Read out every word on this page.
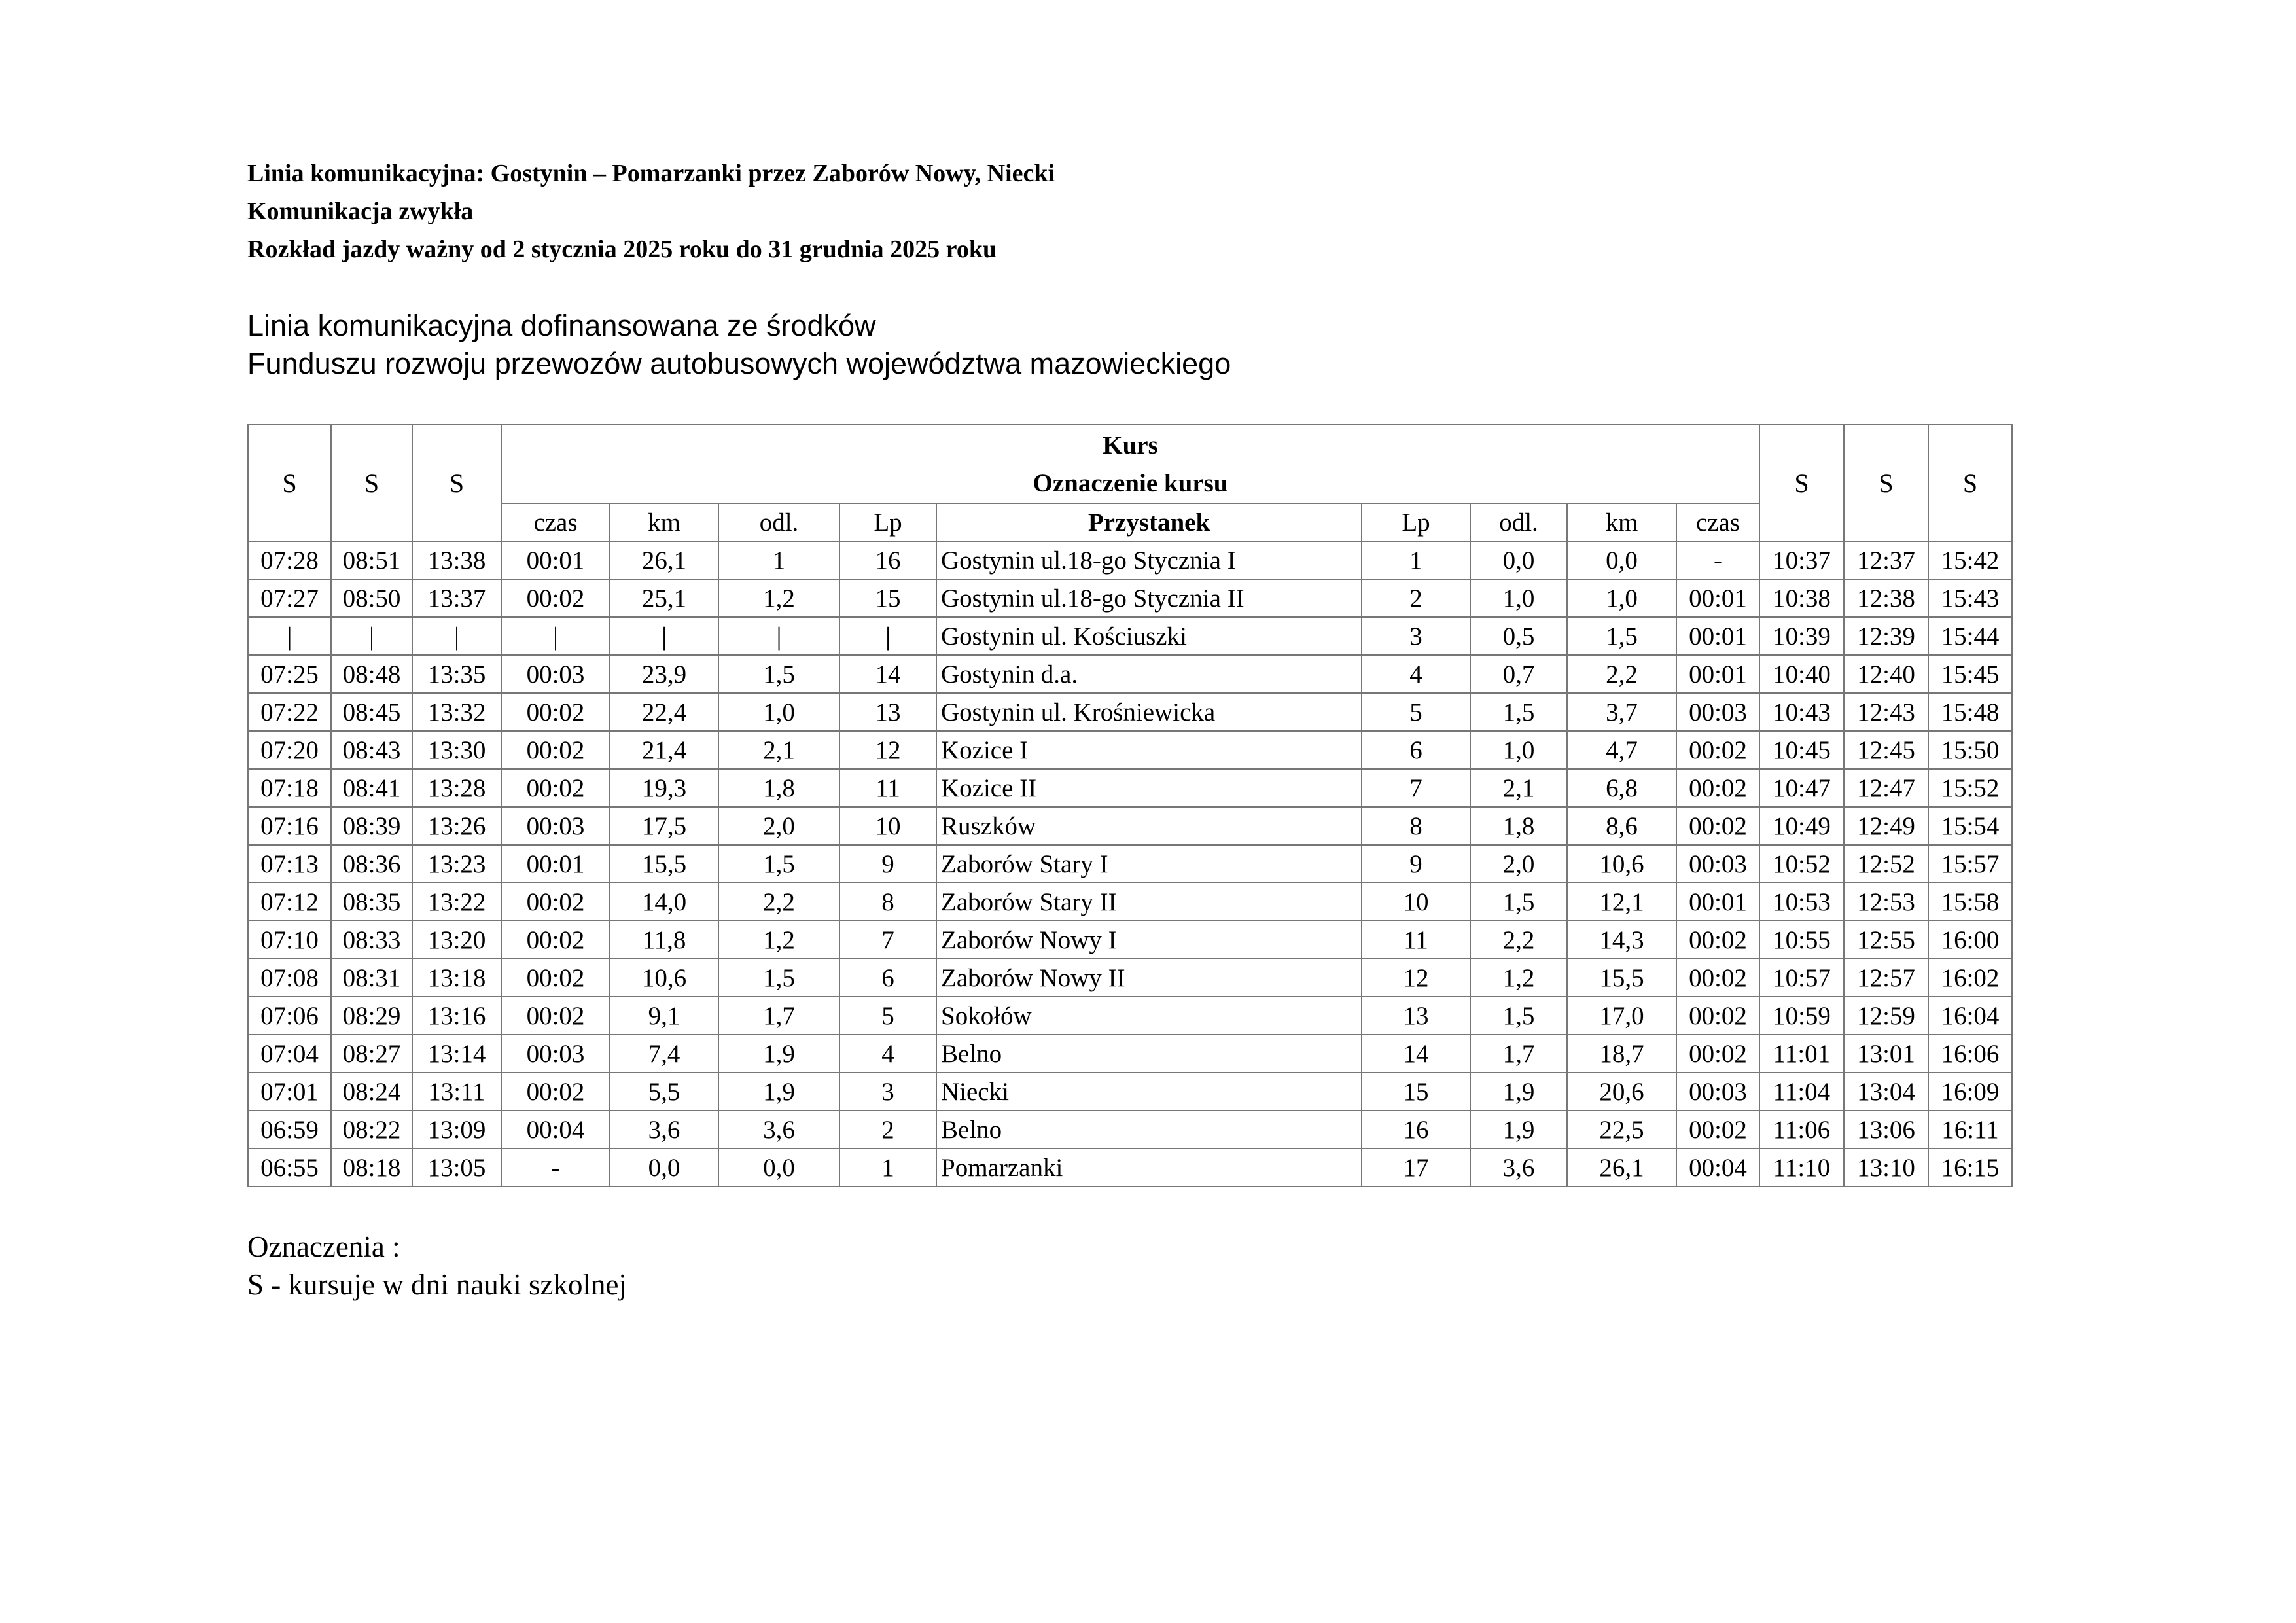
Linia komunikacyjna: Gostynin – Pomarzanki przez Zaborów Nowy, Niecki

Komunikacja zwykła

Rozkład jazdy ważny od 2 stycznia 2025 roku do 31 grudnia 2025 roku

Linia komunikacyjna dofinansowana ze środków

Funduszu rozwoju przewozów autobusowych województwa mazowieckiego

S	S	S	Kurs
Oznaczenie kursu									S	S	S
			czas	km	odl.	Lp	Przystanek	Lp	odl.	km	czas			
07:28	08:51	13:38	00:01	26,1	1	16	Gostynin ul.18-go Stycznia I	1	0,0	0,0	-	10:37	12:37	15:42
07:27	08:50	13:37	00:02	25,1	1,2	15	Gostynin ul.18-go Stycznia II	2	1,0	1,0	00:01	10:38	12:38	15:43
|	|	|	|	|	|	|	Gostynin ul. Kościuszki	3	0,5	1,5	00:01	10:39	12:39	15:44
07:25	08:48	13:35	00:03	23,9	1,5	14	Gostynin d.a.	4	0,7	2,2	00:01	10:40	12:40	15:45
07:22	08:45	13:32	00:02	22,4	1,0	13	Gostynin ul. Krośniewicka	5	1,5	3,7	00:03	10:43	12:43	15:48
07:20	08:43	13:30	00:02	21,4	2,1	12	Kozice I	6	1,0	4,7	00:02	10:45	12:45	15:50
07:18	08:41	13:28	00:02	19,3	1,8	11	Kozice II	7	2,1	6,8	00:02	10:47	12:47	15:52
07:16	08:39	13:26	00:03	17,5	2,0	10	Ruszków	8	1,8	8,6	00:02	10:49	12:49	15:54
07:13	08:36	13:23	00:01	15,5	1,5	9	Zaborów Stary I	9	2,0	10,6	00:03	10:52	12:52	15:57
07:12	08:35	13:22	00:02	14,0	2,2	8	Zaborów Stary II	10	1,5	12,1	00:01	10:53	12:53	15:58
07:10	08:33	13:20	00:02	11,8	1,2	7	Zaborów Nowy I	11	2,2	14,3	00:02	10:55	12:55	16:00
07:08	08:31	13:18	00:02	10,6	1,5	6	Zaborów Nowy II	12	1,2	15,5	00:02	10:57	12:57	16:02
07:06	08:29	13:16	00:02	9,1	1,7	5	Sokołów	13	1,5	17,0	00:02	10:59	12:59	16:04
07:04	08:27	13:14	00:03	7,4	1,9	4	Belno	14	1,7	18,7	00:02	11:01	13:01	16:06
07:01	08:24	13:11	00:02	5,5	1,9	3	Niecki	15	1,9	20,6	00:03	11:04	13:04	16:09
06:59	08:22	13:09	00:04	3,6	3,6	2	Belno	16	1,9	22,5	00:02	11:06	13:06	16:11
06:55	08:18	13:05	-	0,0	0,0	1	Pomarzanki	17	3,6	26,1	00:04	11:10	13:10	16:15

Oznaczenia :

S - kursuje w dni nauki szkolnej
